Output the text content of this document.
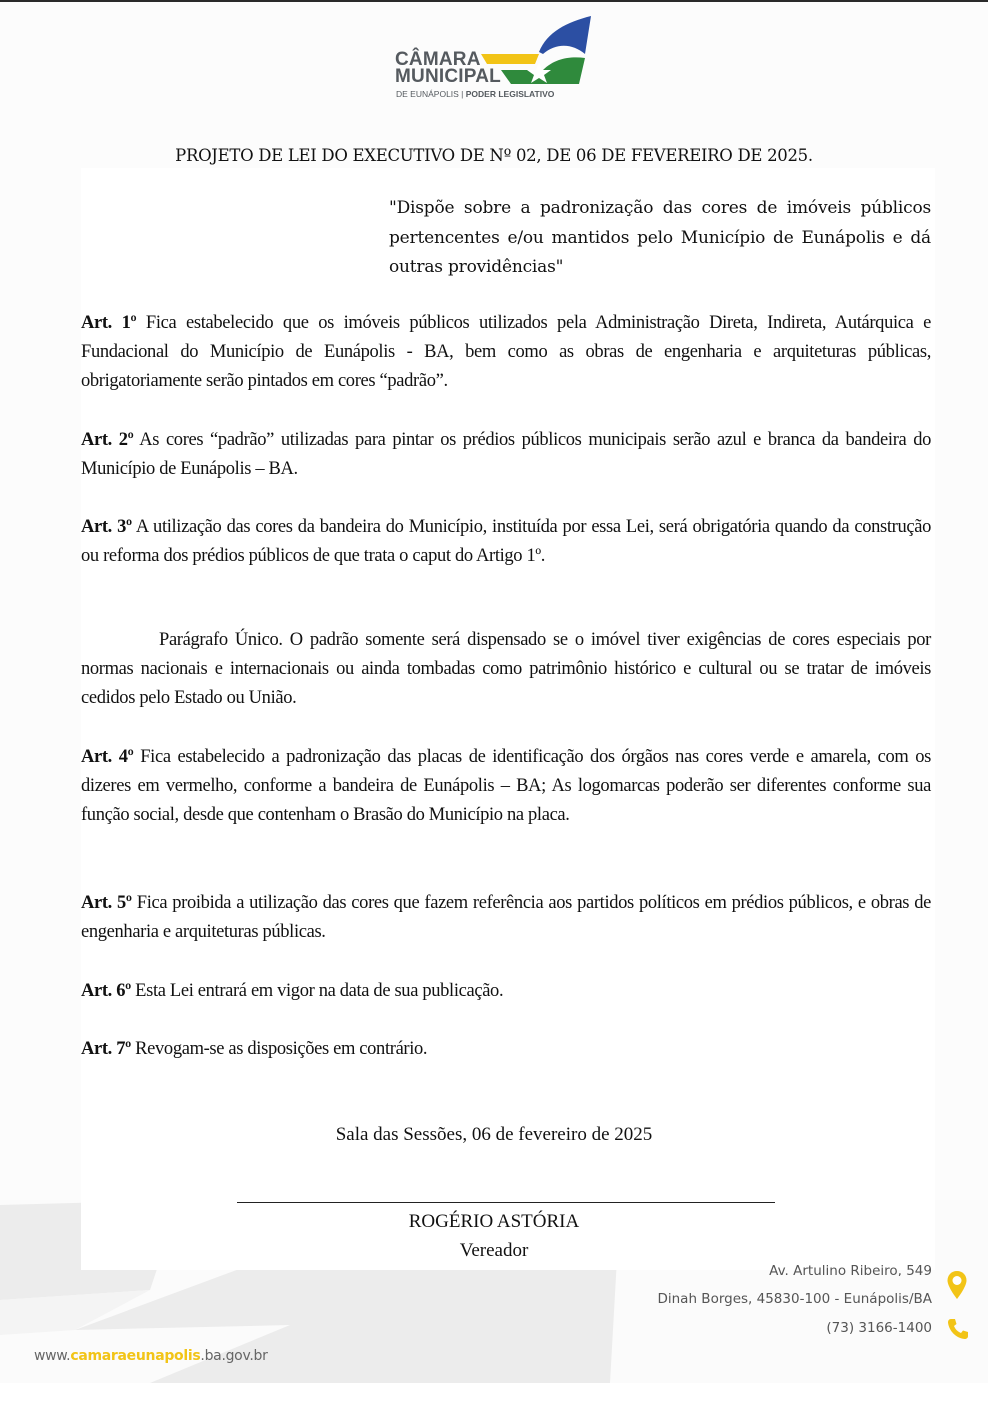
CÂMARA
MUNICIPAL
DE EUNÁPOLIS | PODER LEGISLATIVO
PROJETO DE LEI DO EXECUTIVO DE Nº 02, DE 06 DE FEVEREIRO DE 2025.
"Dispõe sobre a padronização das cores de imóveis públicos pertencentes e/ou mantidos pelo Município de Eunápolis e dá outras providências"
Art. 1º Fica estabelecido que os imóveis públicos utilizados pela Administração Direta, Indireta, Autárquica e Fundacional do Município de Eunápolis - BA, bem como as obras de engenharia e arquiteturas públicas, obrigatoriamente serão pintados em cores “padrão”.
Art. 2º As cores “padrão” utilizadas para pintar os prédios públicos municipais serão azul e branca da bandeira do Município de Eunápolis – BA.
Art. 3º A utilização das cores da bandeira do Município, instituída por essa Lei, será obrigatória quando da construção ou reforma dos prédios públicos de que trata o caput do Artigo 1º.
Parágrafo Único. O padrão somente será dispensado se o imóvel tiver exigências de cores especiais por normas nacionais e internacionais ou ainda tombadas como patrimônio histórico e cultural ou se tratar de imóveis cedidos pelo Estado ou União.
Art. 4º Fica estabelecido a padronização das placas de identificação dos órgãos nas cores verde e amarela, com os dizeres em vermelho, conforme a bandeira de Eunápolis – BA; As logomarcas poderão ser diferentes conforme sua função social, desde que contenham o Brasão do Município na placa.
Art. 5º Fica proibida a utilização das cores que fazem referência aos partidos políticos em prédios públicos, e obras de engenharia e arquiteturas públicas.
Art. 6º Esta Lei entrará em vigor na data de sua publicação.
Art. 7º Revogam-se as disposições em contrário.
Sala das Sessões, 06 de fevereiro de 2025
ROGÉRIO ASTÓRIA
Vereador
Av. Artulino Ribeiro, 549
Dinah Borges, 45830-100 - Eunápolis/BA
(73) 3166-1400
www.camaraeunapolis.ba.gov.br
